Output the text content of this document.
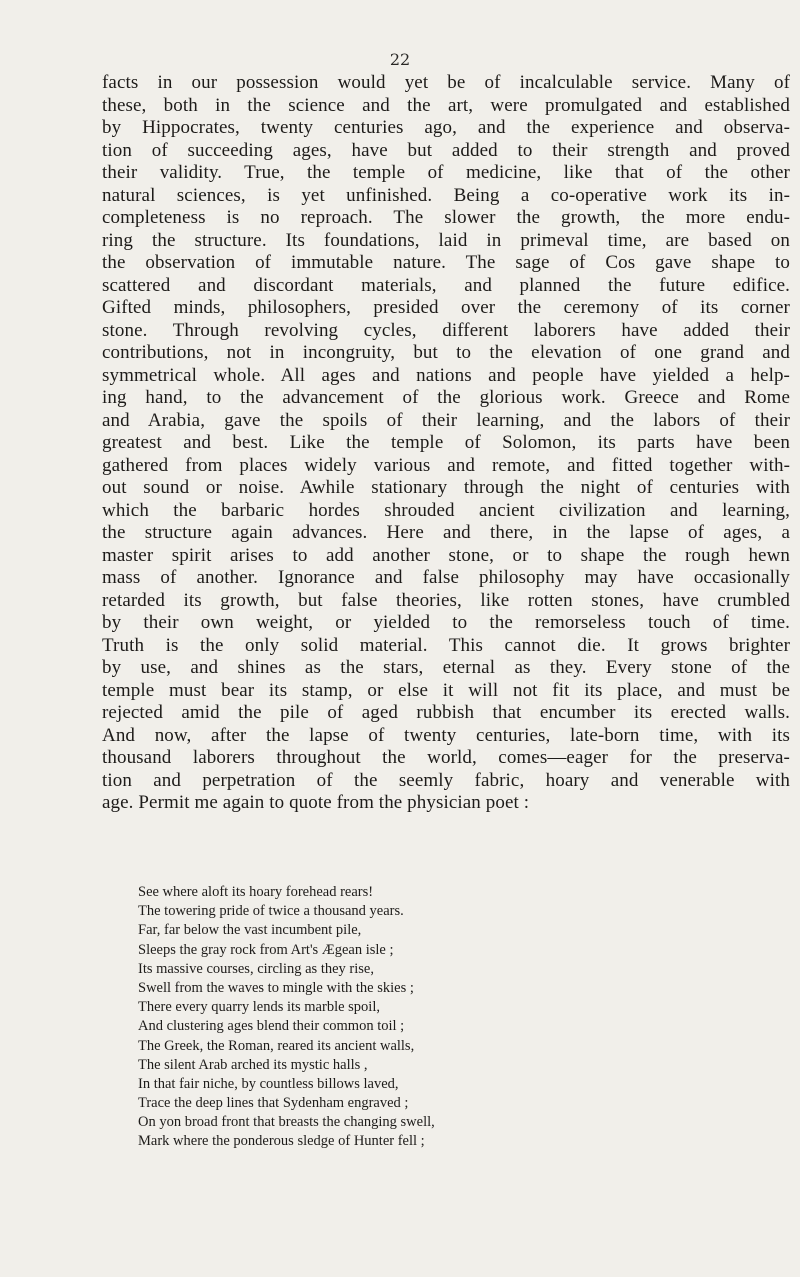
22
facts in our possession would yet be of incalculable service. Many of
these, both in the science and the art, were promulgated and established
by Hippocrates, twenty centuries ago, and the experience and observa-
tion of succeeding ages, have but added to their strength and proved
their validity. True, the temple of medicine, like that of the other
natural sciences, is yet unfinished. Being a co-operative work its in-
completeness is no reproach. The slower the growth, the more endu-
ring the structure. Its foundations, laid in primeval time, are based on
the observation of immutable nature. The sage of Cos gave shape to
scattered and discordant materials, and planned the future edifice.
Gifted minds, philosophers, presided over the ceremony of its corner
stone. Through revolving cycles, different laborers have added their
contributions, not in incongruity, but to the elevation of one grand and
symmetrical whole. All ages and nations and people have yielded a help-
ing hand, to the advancement of the glorious work. Greece and Rome
and Arabia, gave the spoils of their learning, and the labors of their
greatest and best. Like the temple of Solomon, its parts have been
gathered from places widely various and remote, and fitted together with-
out sound or noise. Awhile stationary through the night of centuries with
which the barbaric hordes shrouded ancient civilization and learning,
the structure again advances. Here and there, in the lapse of ages, a
master spirit arises to add another stone, or to shape the rough hewn
mass of another. Ignorance and false philosophy may have occasionally
retarded its growth, but false theories, like rotten stones, have crumbled
by their own weight, or yielded to the remorseless touch of time.
Truth is the only solid material. This cannot die. It grows brighter
by use, and shines as the stars, eternal as they. Every stone of the
temple must bear its stamp, or else it will not fit its place, and must be
rejected amid the pile of aged rubbish that encumber its erected walls.
And now, after the lapse of twenty centuries, late-born time, with its
thousand laborers throughout the world, comes—eager for the preserva-
tion and perpetration of the seemly fabric, hoary and venerable with
age. Permit me again to quote from the physician poet :
See where aloft its hoary forehead rears!
The towering pride of twice a thousand years.
Far, far below the vast incumbent pile,
Sleeps the gray rock from Art's Ægean isle ;
Its massive courses, circling as they rise,
Swell from the waves to mingle with the skies ;
There every quarry lends its marble spoil,
And clustering ages blend their common toil ;
The Greek, the Roman, reared its ancient walls,
The silent Arab arched its mystic halls ,
In that fair niche, by countless billows laved,
Trace the deep lines that Sydenham engraved ;
On yon broad front that breasts the changing swell,
Mark where the ponderous sledge of Hunter fell ;
